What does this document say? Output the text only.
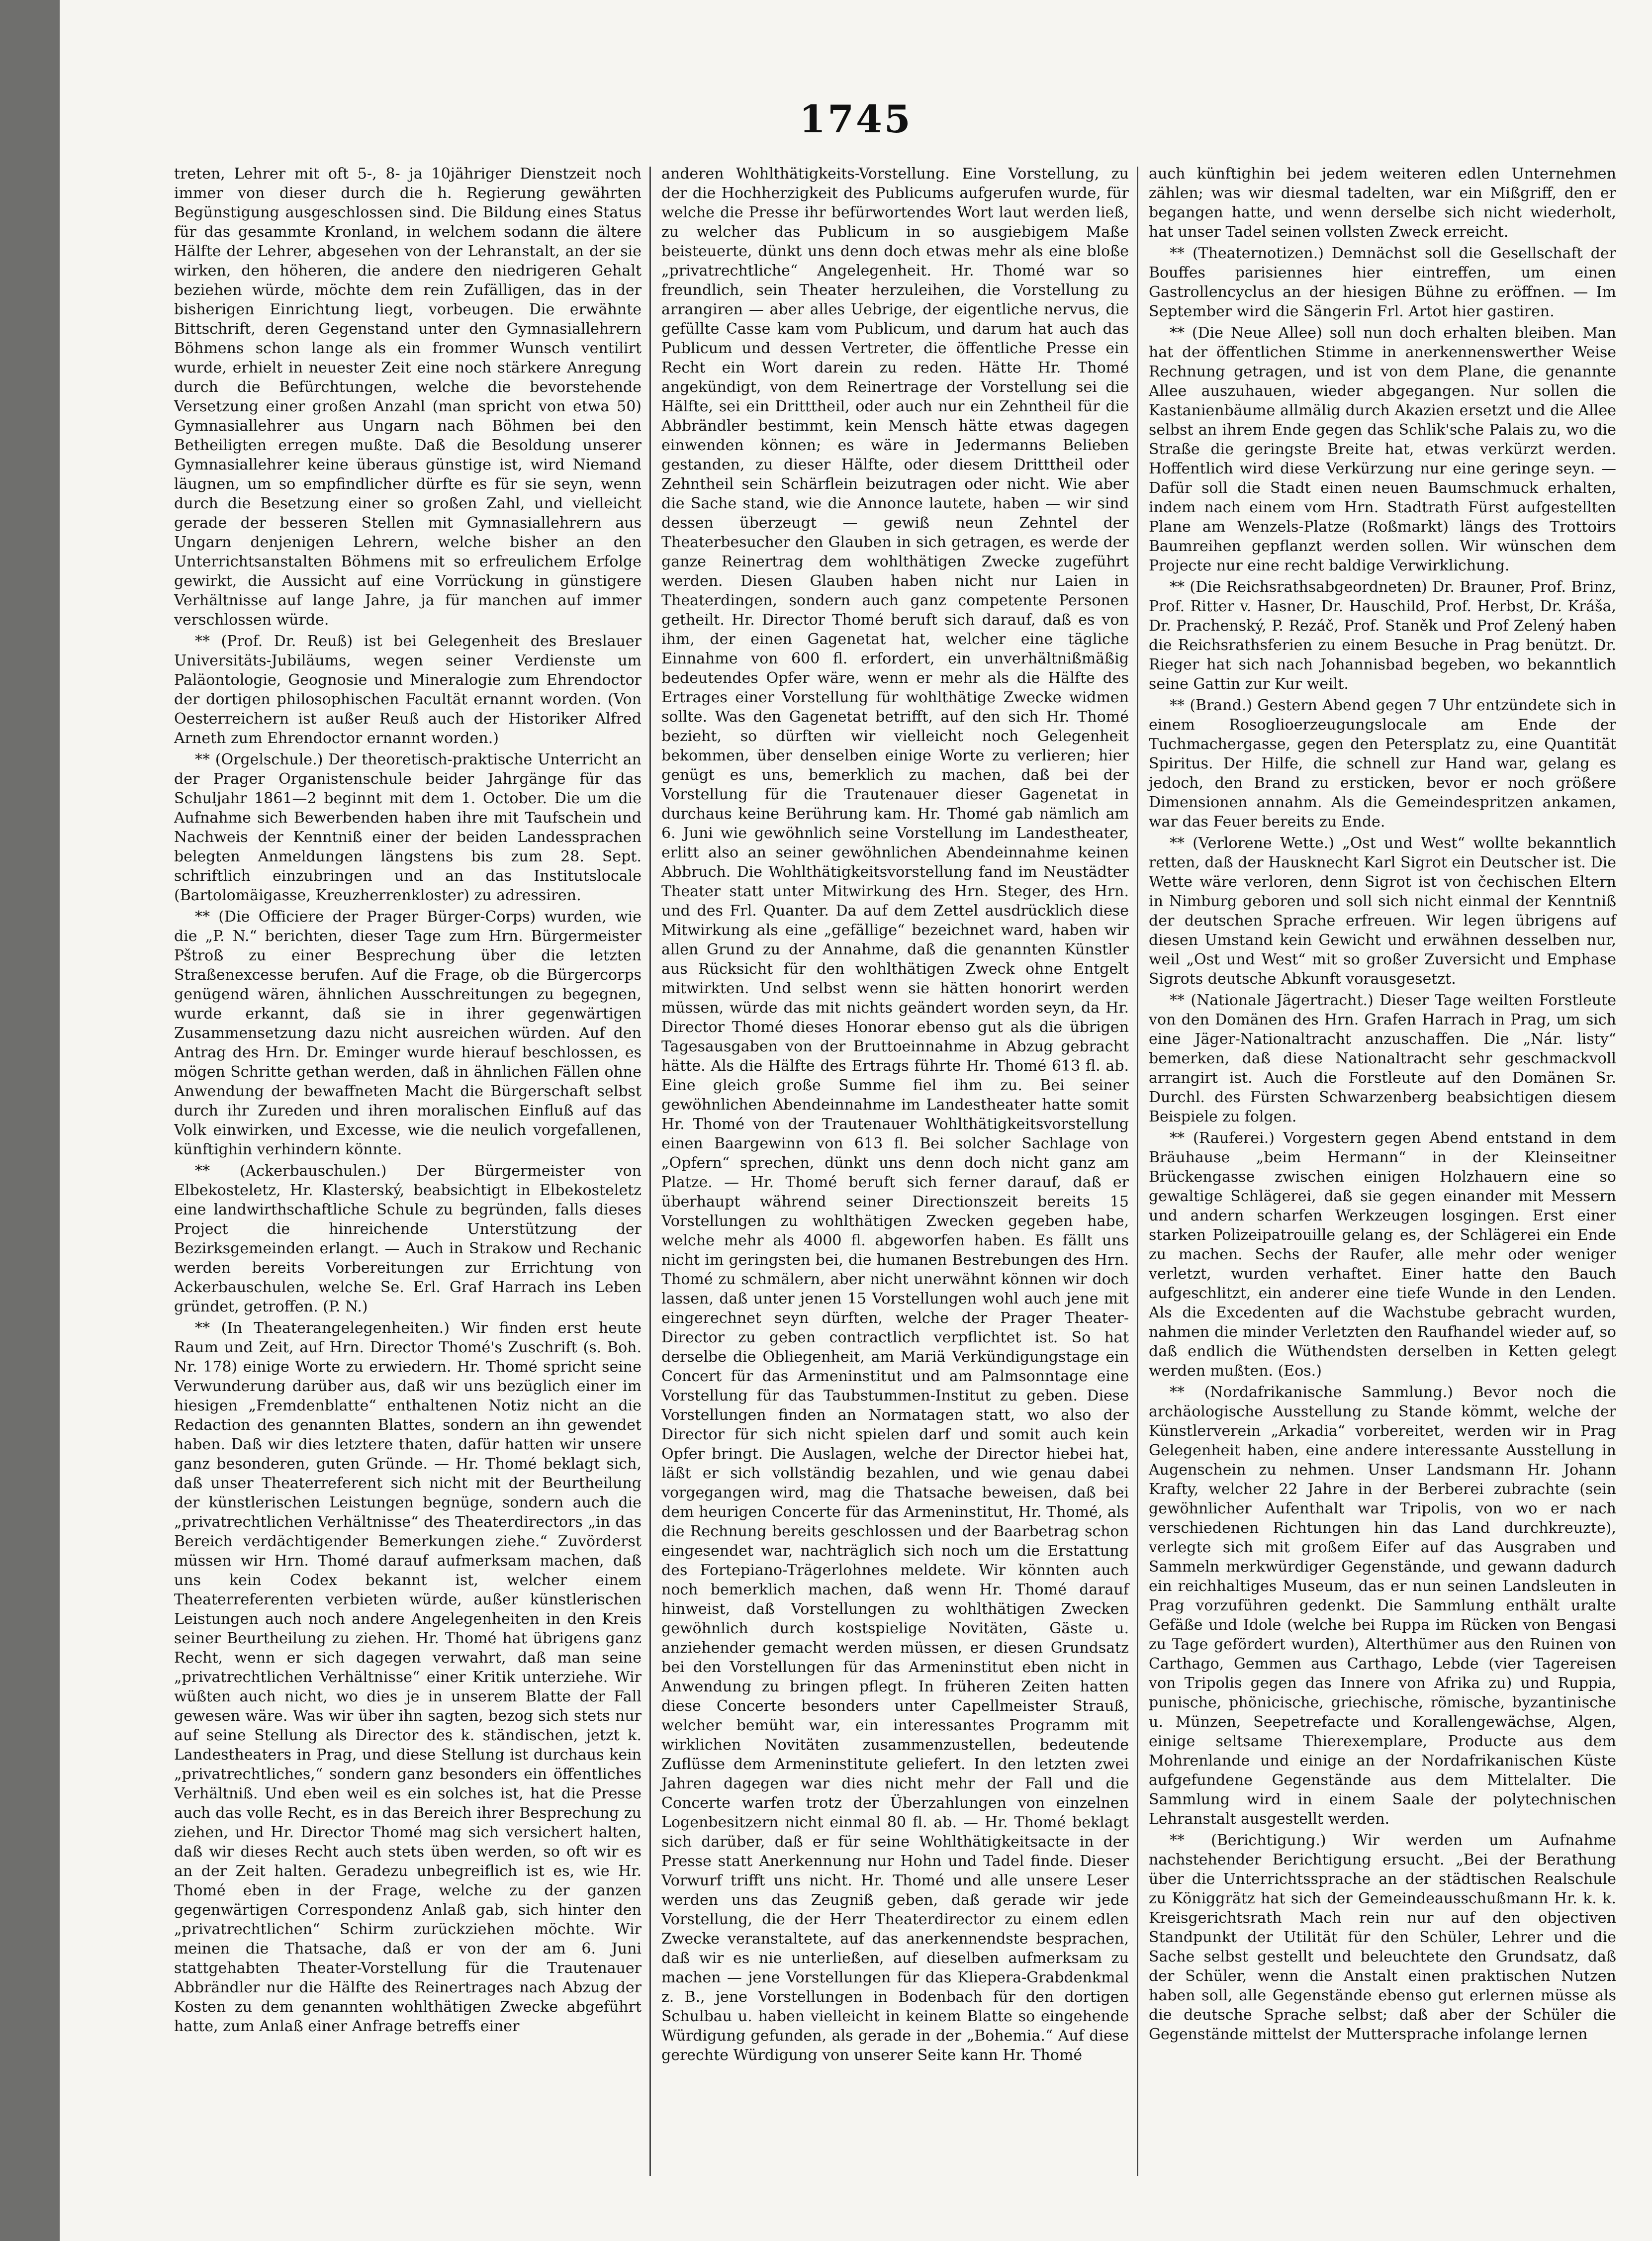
1745

treten, Lehrer mit oft 5-, 8- ja 10jähriger Dienstzeit noch immer von dieser durch die h. Regierung gewährten Begünstigung ausgeschlossen sind. Die Bildung eines Status für das gesammte Kronland, in welchem sodann die ältere Hälfte der Lehrer, abgesehen von der Lehranstalt, an der sie wirken, den höheren, die andere den niedrigeren Gehalt beziehen würde, möchte dem rein Zufälligen, das in der bisherigen Einrichtung liegt, vorbeugen. Die erwähnte Bittschrift, deren Gegenstand unter den Gymnasiallehrern Böhmens schon lange als ein frommer Wunsch ventilirt wurde, erhielt in neuester Zeit eine noch stärkere Anregung durch die Befürchtungen, welche die bevorstehende Versetzung einer großen Anzahl (man spricht von etwa 50) Gymnasiallehrer aus Ungarn nach Böhmen bei den Betheiligten erregen mußte. Daß die Besoldung unserer Gymnasiallehrer keine überaus günstige ist, wird Niemand läugnen, um so empfindlicher dürfte es für sie seyn, wenn durch die Besetzung einer so großen Zahl, und vielleicht gerade der besseren Stellen mit Gymnasiallehrern aus Ungarn denjenigen Lehrern, welche bisher an den Unterrichtsanstalten Böhmens mit so erfreulichem Erfolge gewirkt, die Aussicht auf eine Vorrückung in günstigere Verhältnisse auf lange Jahre, ja für manchen auf immer verschlossen würde.

** (Prof. Dr. Reuß) ist bei Gelegenheit des Breslauer Universitäts-Jubiläums, wegen seiner Verdienste um Paläontologie, Geognosie und Mineralogie zum Ehrendoctor der dortigen philosophischen Facultät ernannt worden. (Von Oesterreichern ist außer Reuß auch der Historiker Alfred Arneth zum Ehrendoctor ernannt worden.)

** (Orgelschule.) Der theoretisch-praktische Unterricht an der Prager Organistenschule beider Jahrgänge für das Schuljahr 1861—2 beginnt mit dem 1. October. Die um die Aufnahme sich Bewerbenden haben ihre mit Taufschein und Nachweis der Kenntniß einer der beiden Landessprachen belegten Anmeldungen längstens bis zum 28. Sept. schriftlich einzubringen und an das Institutslocale (Bartolomäigasse, Kreuzherrenkloster) zu adressiren.

** (Die Officiere der Prager Bürger-Corps) wurden, wie die „P. N.“ berichten, dieser Tage zum Hrn. Bürgermeister Pštroß zu einer Besprechung über die letzten Straßenexcesse berufen. Auf die Frage, ob die Bürgercorps genügend wären, ähnlichen Ausschreitungen zu begegnen, wurde erkannt, daß sie in ihrer gegenwärtigen Zusammensetzung dazu nicht ausreichen würden. Auf den Antrag des Hrn. Dr. Eminger wurde hierauf beschlossen, es mögen Schritte gethan werden, daß in ähnlichen Fällen ohne Anwendung der bewaffneten Macht die Bürgerschaft selbst durch ihr Zureden und ihren moralischen Einfluß auf das Volk einwirken, und Excesse, wie die neulich vorgefallenen, künftighin verhindern könnte.

** (Ackerbauschulen.) Der Bürgermeister von Elbekosteletz, Hr. Klasterský, beabsichtigt in Elbekosteletz eine landwirthschaftliche Schule zu begründen, falls dieses Project die hinreichende Unterstützung der Bezirksgemeinden erlangt. — Auch in Strakow und Rechanic werden bereits Vorbereitungen zur Errichtung von Ackerbauschulen, welche Se. Erl. Graf Harrach ins Leben gründet, getroffen. (P. N.)

** (In Theaterangelegenheiten.) Wir finden erst heute Raum und Zeit, auf Hrn. Director Thomé's Zuschrift (s. Boh. Nr. 178) einige Worte zu erwiedern. Hr. Thomé spricht seine Verwunderung darüber aus, daß wir uns bezüglich einer im hiesigen „Fremdenblatte“ enthaltenen Notiz nicht an die Redaction des genannten Blattes, sondern an ihn gewendet haben. Daß wir dies letztere thaten, dafür hatten wir unsere ganz besonderen, guten Gründe. — Hr. Thomé beklagt sich, daß unser Theaterreferent sich nicht mit der Beurtheilung der künstlerischen Leistungen begnüge, sondern auch die „privatrechtlichen Verhältnisse“ des Theaterdirectors „in das Bereich verdächtigender Bemerkungen ziehe.“ Zuvörderst müssen wir Hrn. Thomé darauf aufmerksam machen, daß uns kein Codex bekannt ist, welcher einem Theaterreferenten verbieten würde, außer künstlerischen Leistungen auch noch andere Angelegenheiten in den Kreis seiner Beurtheilung zu ziehen. Hr. Thomé hat übrigens ganz Recht, wenn er sich dagegen verwahrt, daß man seine „privatrechtlichen Verhältnisse“ einer Kritik unterziehe. Wir wüßten auch nicht, wo dies je in unserem Blatte der Fall gewesen wäre. Was wir über ihn sagten, bezog sich stets nur auf seine Stellung als Director des k. ständischen, jetzt k. Landestheaters in Prag, und diese Stellung ist durchaus kein „privatrechtliches,“ sondern ganz besonders ein öffentliches Verhältniß. Und eben weil es ein solches ist, hat die Presse auch das volle Recht, es in das Bereich ihrer Besprechung zu ziehen, und Hr. Director Thomé mag sich versichert halten, daß wir dieses Recht auch stets üben werden, so oft wir es an der Zeit halten. Geradezu unbegreiflich ist es, wie Hr. Thomé eben in der Frage, welche zu der ganzen gegenwärtigen Correspondenz Anlaß gab, sich hinter den „privatrechtlichen“ Schirm zurückziehen möchte. Wir meinen die Thatsache, daß er von der am 6. Juni stattgehabten Theater-Vorstellung für die Trautenauer Abbrändler nur die Hälfte des Reinertrages nach Abzug der Kosten zu dem genannten wohlthätigen Zwecke abgeführt hatte, zum Anlaß einer Anfrage betreffs einer

anderen Wohlthätigkeits-Vorstellung. Eine Vorstellung, zu der die Hochherzigkeit des Publicums aufgerufen wurde, für welche die Presse ihr befürwortendes Wort laut werden ließ, zu welcher das Publicum in so ausgiebigem Maße beisteuerte, dünkt uns denn doch etwas mehr als eine bloße „privatrechtliche“ Angelegenheit. Hr. Thomé war so freundlich, sein Theater herzuleihen, die Vorstellung zu arrangiren — aber alles Uebrige, der eigentliche nervus, die gefüllte Casse kam vom Publicum, und darum hat auch das Publicum und dessen Vertreter, die öffentliche Presse ein Recht ein Wort darein zu reden. Hätte Hr. Thomé angekündigt, von dem Reinertrage der Vorstellung sei die Hälfte, sei ein Dritttheil, oder auch nur ein Zehntheil für die Abbrändler bestimmt, kein Mensch hätte etwas dagegen einwenden können; es wäre in Jedermanns Belieben gestanden, zu dieser Hälfte, oder diesem Dritttheil oder Zehntheil sein Schärflein beizutragen oder nicht. Wie aber die Sache stand, wie die Annonce lautete, haben — wir sind dessen überzeugt — gewiß neun Zehntel der Theaterbesucher den Glauben in sich getragen, es werde der ganze Reinertrag dem wohlthätigen Zwecke zugeführt werden. Diesen Glauben haben nicht nur Laien in Theaterdingen, sondern auch ganz competente Personen getheilt. Hr. Director Thomé beruft sich darauf, daß es von ihm, der einen Gagenetat hat, welcher eine tägliche Einnahme von 600 fl. erfordert, ein unverhältnißmäßig bedeutendes Opfer wäre, wenn er mehr als die Hälfte des Ertrages einer Vorstellung für wohlthätige Zwecke widmen sollte. Was den Gagenetat betrifft, auf den sich Hr. Thomé bezieht, so dürften wir vielleicht noch Gelegenheit bekommen, über denselben einige Worte zu verlieren; hier genügt es uns, bemerklich zu machen, daß bei der Vorstellung für die Trautenauer dieser Gagenetat in durchaus keine Berührung kam. Hr. Thomé gab nämlich am 6. Juni wie gewöhnlich seine Vorstellung im Landestheater, erlitt also an seiner gewöhnlichen Abendeinnahme keinen Abbruch. Die Wohlthätigkeitsvorstellung fand im Neustädter Theater statt unter Mitwirkung des Hrn. Steger, des Hrn. und des Frl. Quanter. Da auf dem Zettel ausdrücklich diese Mitwirkung als eine „gefällige“ bezeichnet ward, haben wir allen Grund zu der Annahme, daß die genannten Künstler aus Rücksicht für den wohlthätigen Zweck ohne Entgelt mitwirkten. Und selbst wenn sie hätten honorirt werden müssen, würde das mit nichts geändert worden seyn, da Hr. Director Thomé dieses Honorar ebenso gut als die übrigen Tagesausgaben von der Bruttoeinnahme in Abzug gebracht hätte. Als die Hälfte des Ertrags führte Hr. Thomé 613 fl. ab. Eine gleich große Summe fiel ihm zu. Bei seiner gewöhnlichen Abendeinnahme im Landestheater hatte somit Hr. Thomé von der Trautenauer Wohlthätigkeitsvorstellung einen Baargewinn von 613 fl. Bei solcher Sachlage von „Opfern“ sprechen, dünkt uns denn doch nicht ganz am Platze. — Hr. Thomé beruft sich ferner darauf, daß er überhaupt während seiner Directionszeit bereits 15 Vorstellungen zu wohlthätigen Zwecken gegeben habe, welche mehr als 4000 fl. abgeworfen haben. Es fällt uns nicht im geringsten bei, die humanen Bestrebungen des Hrn. Thomé zu schmälern, aber nicht unerwähnt können wir doch lassen, daß unter jenen 15 Vorstellungen wohl auch jene mit eingerechnet seyn dürften, welche der Prager Theater-Director zu geben contractlich verpflichtet ist. So hat derselbe die Obliegenheit, am Mariä Verkündigungstage ein Concert für das Armeninstitut und am Palmsonntage eine Vorstellung für das Taubstummen-Institut zu geben. Diese Vorstellungen finden an Normatagen statt, wo also der Director für sich nicht spielen darf und somit auch kein Opfer bringt. Die Auslagen, welche der Director hiebei hat, läßt er sich vollständig bezahlen, und wie genau dabei vorgegangen wird, mag die Thatsache beweisen, daß bei dem heurigen Concerte für das Armeninstitut, Hr. Thomé, als die Rechnung bereits geschlossen und der Baarbetrag schon eingesendet war, nachträglich sich noch um die Erstattung des Fortepiano-Trägerlohnes meldete. Wir könnten auch noch bemerklich machen, daß wenn Hr. Thomé darauf hinweist, daß Vorstellungen zu wohlthätigen Zwecken gewöhnlich durch kostspielige Novitäten, Gäste u. anziehender gemacht werden müssen, er diesen Grundsatz bei den Vorstellungen für das Armeninstitut eben nicht in Anwendung zu bringen pflegt. In früheren Zeiten hatten diese Concerte besonders unter Capellmeister Strauß, welcher bemüht war, ein interessantes Programm mit wirklichen Novitäten zusammenzustellen, bedeutende Zuflüsse dem Armeninstitute geliefert. In den letzten zwei Jahren dagegen war dies nicht mehr der Fall und die Concerte warfen trotz der Überzahlungen von einzelnen Logenbesitzern nicht einmal 80 fl. ab. — Hr. Thomé beklagt sich darüber, daß er für seine Wohlthätigkeitsacte in der Presse statt Anerkennung nur Hohn und Tadel finde. Dieser Vorwurf trifft uns nicht. Hr. Thomé und alle unsere Leser werden uns das Zeugniß geben, daß gerade wir jede Vorstellung, die der Herr Theaterdirector zu einem edlen Zwecke veranstaltete, auf das anerkennendste besprachen, daß wir es nie unterließen, auf dieselben aufmerksam zu machen — jene Vorstellungen für das Kliepera-Grabdenkmal z. B., jene Vorstellungen in Bodenbach für den dortigen Schulbau u. haben vielleicht in keinem Blatte so eingehende Würdigung gefunden, als gerade in der „Bohemia.“ Auf diese gerechte Würdigung von unserer Seite kann Hr. Thomé

auch künftighin bei jedem weiteren edlen Unternehmen zählen; was wir diesmal tadelten, war ein Mißgriff, den er begangen hatte, und wenn derselbe sich nicht wiederholt, hat unser Tadel seinen vollsten Zweck erreicht.

** (Theaternotizen.) Demnächst soll die Gesellschaft der Bouffes parisiennes hier eintreffen, um einen Gastrollencyclus an der hiesigen Bühne zu eröffnen. — Im September wird die Sängerin Frl. Artot hier gastiren.

** (Die Neue Allee) soll nun doch erhalten bleiben. Man hat der öffentlichen Stimme in anerkennenswerther Weise Rechnung getragen, und ist von dem Plane, die genannte Allee auszuhauen, wieder abgegangen. Nur sollen die Kastanienbäume allmälig durch Akazien ersetzt und die Allee selbst an ihrem Ende gegen das Schlik'sche Palais zu, wo die Straße die geringste Breite hat, etwas verkürzt werden. Hoffentlich wird diese Verkürzung nur eine geringe seyn. — Dafür soll die Stadt einen neuen Baumschmuck erhalten, indem nach einem vom Hrn. Stadtrath Fürst aufgestellten Plane am Wenzels-Platze (Roßmarkt) längs des Trottoirs Baumreihen gepflanzt werden sollen. Wir wünschen dem Projecte nur eine recht baldige Verwirklichung.

** (Die Reichsrathsabgeordneten) Dr. Brauner, Prof. Brinz, Prof. Ritter v. Hasner, Dr. Hauschild, Prof. Herbst, Dr. Kráša, Dr. Prachenský, P. Rezáč, Prof. Staněk und Prof Zelený haben die Reichsrathsferien zu einem Besuche in Prag benützt. Dr. Rieger hat sich nach Johannisbad begeben, wo bekanntlich seine Gattin zur Kur weilt.

** (Brand.) Gestern Abend gegen 7 Uhr entzündete sich in einem Rosoglioerzeugungslocale am Ende der Tuchmachergasse, gegen den Petersplatz zu, eine Quantität Spiritus. Der Hilfe, die schnell zur Hand war, gelang es jedoch, den Brand zu ersticken, bevor er noch größere Dimensionen annahm. Als die Gemeindespritzen ankamen, war das Feuer bereits zu Ende.

** (Verlorene Wette.) „Ost und West“ wollte bekanntlich retten, daß der Hausknecht Karl Sigrot ein Deutscher ist. Die Wette wäre verloren, denn Sigrot ist von čechischen Eltern in Nimburg geboren und soll sich nicht einmal der Kenntniß der deutschen Sprache erfreuen. Wir legen übrigens auf diesen Umstand kein Gewicht und erwähnen desselben nur, weil „Ost und West“ mit so großer Zuversicht und Emphase Sigrots deutsche Abkunft vorausgesetzt.

** (Nationale Jägertracht.) Dieser Tage weilten Forstleute von den Domänen des Hrn. Grafen Harrach in Prag, um sich eine Jäger-Nationaltracht anzuschaffen. Die „Nár. listy“ bemerken, daß diese Nationaltracht sehr geschmackvoll arrangirt ist. Auch die Forstleute auf den Domänen Sr. Durchl. des Fürsten Schwarzenberg beabsichtigen diesem Beispiele zu folgen.

** (Rauferei.) Vorgestern gegen Abend entstand in dem Bräuhause „beim Hermann“ in der Kleinseitner Brückengasse zwischen einigen Holzhauern eine so gewaltige Schlägerei, daß sie gegen einander mit Messern und andern scharfen Werkzeugen losgingen. Erst einer starken Polizeipatrouille gelang es, der Schlägerei ein Ende zu machen. Sechs der Raufer, alle mehr oder weniger verletzt, wurden verhaftet. Einer hatte den Bauch aufgeschlitzt, ein anderer eine tiefe Wunde in den Lenden. Als die Excedenten auf die Wachstube gebracht wurden, nahmen die minder Verletzten den Raufhandel wieder auf, so daß endlich die Wüthendsten derselben in Ketten gelegt werden mußten. (Eos.)

** (Nordafrikanische Sammlung.) Bevor noch die archäologische Ausstellung zu Stande kömmt, welche der Künstlerverein „Arkadia“ vorbereitet, werden wir in Prag Gelegenheit haben, eine andere interessante Ausstellung in Augenschein zu nehmen. Unser Landsmann Hr. Johann Krafty, welcher 22 Jahre in der Berberei zubrachte (sein gewöhnlicher Aufenthalt war Tripolis, von wo er nach verschiedenen Richtungen hin das Land durchkreuzte), verlegte sich mit großem Eifer auf das Ausgraben und Sammeln merkwürdiger Gegenstände, und gewann dadurch ein reichhaltiges Museum, das er nun seinen Landsleuten in Prag vorzuführen gedenkt. Die Sammlung enthält uralte Gefäße und Idole (welche bei Ruppa im Rücken von Bengasi zu Tage gefördert wurden), Alterthümer aus den Ruinen von Carthago, Gemmen aus Carthago, Lebde (vier Tagereisen von Tripolis gegen das Innere von Afrika zu) und Ruppia, punische, phönicische, griechische, römische, byzantinische u. Münzen, Seepetrefacte und Korallengewächse, Algen, einige seltsame Thierexemplare, Producte aus dem Mohrenlande und einige an der Nordafrikanischen Küste aufgefundene Gegenstände aus dem Mittelalter. Die Sammlung wird in einem Saale der polytechnischen Lehranstalt ausgestellt werden.

** (Berichtigung.) Wir werden um Aufnahme nachstehender Berichtigung ersucht. „Bei der Berathung über die Unterrichtssprache an der städtischen Realschule zu Königgrätz hat sich der Gemeindeausschußmann Hr. k. k. Kreisgerichtsrath Mach rein nur auf den objectiven Standpunkt der Utilität für den Schüler, Lehrer und die Sache selbst gestellt und beleuchtete den Grundsatz, daß der Schüler, wenn die Anstalt einen praktischen Nutzen haben soll, alle Gegenstände ebenso gut erlernen müsse als die deutsche Sprache selbst; daß aber der Schüler die Gegenstände mittelst der Muttersprache infolange lernen
